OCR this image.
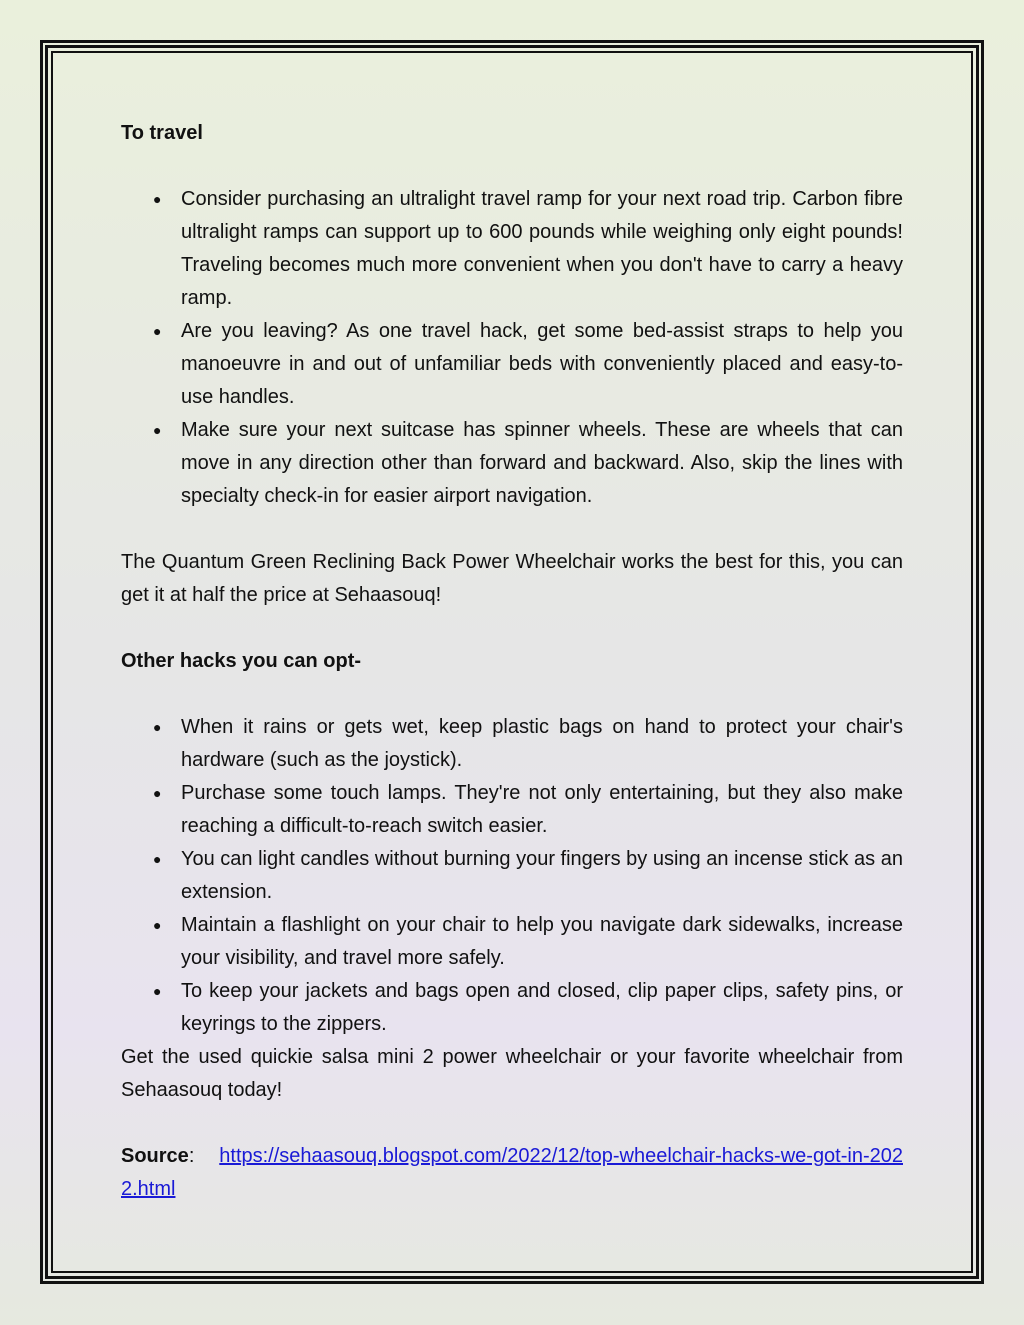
To travel

● Consider purchasing an ultralight travel ramp for your next road trip. Carbon fibre ultralight ramps can support up to 600 pounds while weighing only eight pounds! Traveling becomes much more convenient when you don't have to carry a heavy ramp.
● Are you leaving? As one travel hack, get some bed-assist straps to help you manoeuvre in and out of unfamiliar beds with conveniently placed and easy-to-use handles.
● Make sure your next suitcase has spinner wheels. These are wheels that can move in any direction other than forward and backward. Also, skip the lines with specialty check-in for easier airport navigation.

The Quantum Green Reclining Back Power Wheelchair works the best for this, you can get it at half the price at Sehaasouq!

Other hacks you can opt-

● When it rains or gets wet, keep plastic bags on hand to protect your chair's hardware (such as the joystick).
● Purchase some touch lamps. They're not only entertaining, but they also make reaching a difficult-to-reach switch easier.
● You can light candles without burning your fingers by using an incense stick as an extension.
● Maintain a flashlight on your chair to help you navigate dark sidewalks, increase your visibility, and travel more safely.
● To keep your jackets and bags open and closed, clip paper clips, safety pins, or keyrings to the zippers.

Get the used quickie salsa mini 2 power wheelchair or your favorite wheelchair from Sehaasouq today!

Source: https://sehaasouq.blogspot.com/2022/12/top-wheelchair-hacks-we-got-in-2022.html
